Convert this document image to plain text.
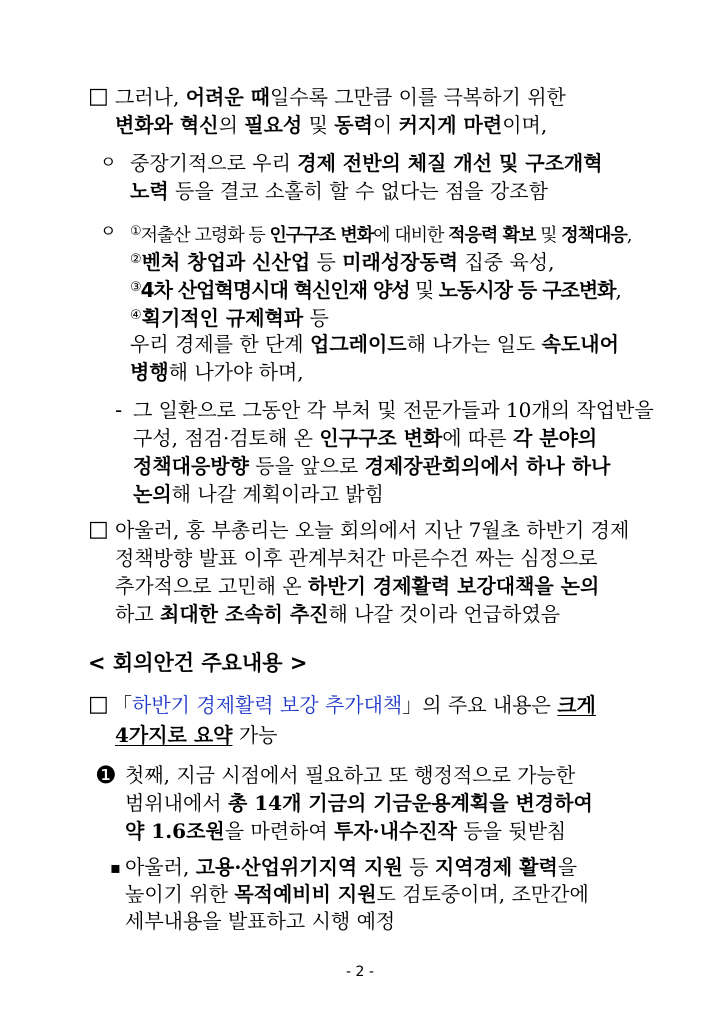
□ 그러나, 어려운 때일수록 그만큼 이를 극복하기 위한
변화와 혁신의 필요성 및 동력이 커지게 마련이며,
ㅇ 중장기적으로 우리 경제 전반의 체질 개선 및 구조개혁
노력 등을 결코 소홀히 할 수 없다는 점을 강조함
ㅇ ①저출산 고령화 등 인구구조 변화에 대비한 적응력 확보 및 정책대응,
②벤처 창업과 신산업 등 미래성장동력 집중 육성,
③4차 산업혁명시대 혁신인재 양성 및 노동시장 등 구조변화,
④획기적인 규제혁파 등
우리 경제를 한 단계 업그레이드해 나가는 일도 속도내어
병행해 나가야 하며,
- 그 일환으로 그동안 각 부처 및 전문가들과 10개의 작업반을
구성, 점검·검토해 온 인구구조 변화에 따른 각 분야의
정책대응방향 등을 앞으로 경제장관회의에서 하나 하나
논의해 나갈 계획이라고 밝힘
□ 아울러, 홍 부총리는 오늘 회의에서 지난 7월초 하반기 경제
정책방향 발표 이후 관계부처간 마른수건 짜는 심정으로
추가적으로 고민해 온 하반기 경제활력 보강대책을 논의
하고 최대한 조속히 추진해 나갈 것이라 언급하였음
< 회의안건 주요내용 >
□ 「하반기 경제활력 보강 추가대책」의 주요 내용은 크게
4가지로 요약 가능
❶ 첫째, 지금 시점에서 필요하고 또 행정적으로 가능한
범위내에서 총 14개 기금의 기금운용계획을 변경하여
약 1.6조원을 마련하여 투자·내수진작 등을 뒷받침
▪ 아울러, 고용·산업위기지역 지원 등 지역경제 활력을
높이기 위한 목적예비비 지원도 검토중이며, 조만간에
세부내용을 발표하고 시행 예정
- 2 -
